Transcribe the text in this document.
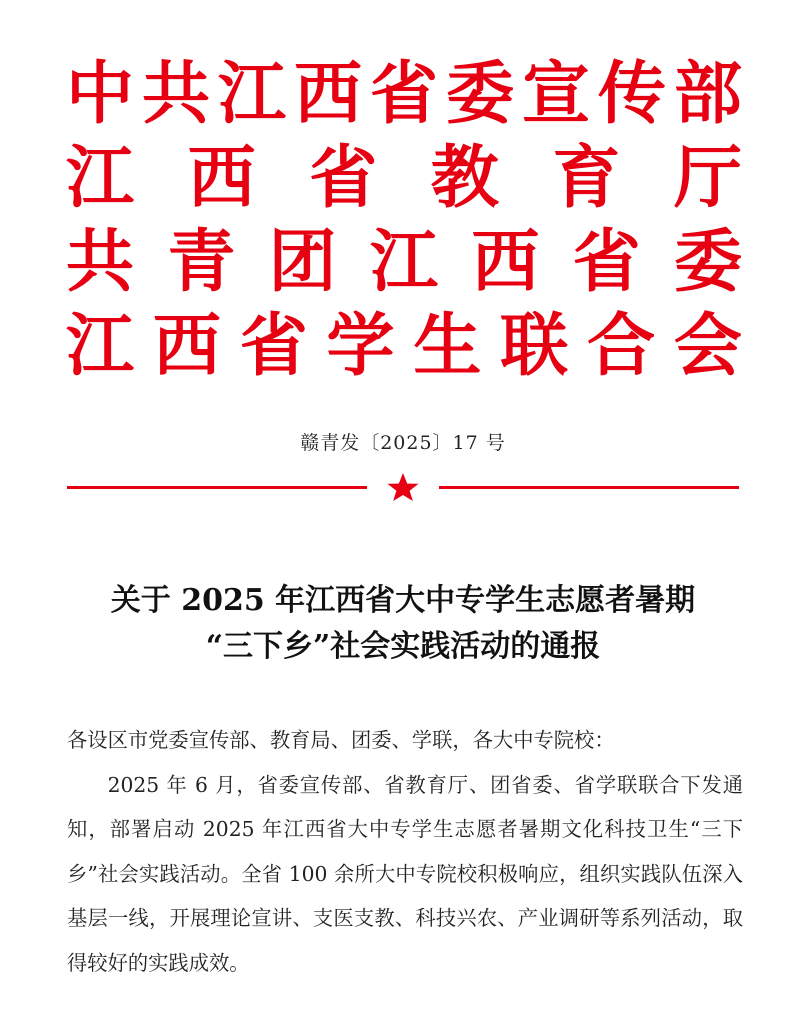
中 共 江 西 省 委 宣 传 部
江 西 省 教 育 厅
共 青 团 江 西 省 委
江 西 省 学 生 联 合 会
赣青发〔2025〕17 号
关于 2025 年江西省大中专学生志愿者暑期
“三下乡”社会实践活动的通报

各设区市党委宣传部、教育局、团委、学联，各大中专院校：

2025 年 6 月，省委宣传部、省教育厅、团省委、省学联联合下发通知，部署启动 2025 年江西省大中专学生志愿者暑期文化科技卫生“三下乡”社会实践活动。全省 100 余所大中专院校积极响应，组织实践队伍深入基层一线，开展理论宣讲、支医支教、科技兴农、产业调研等系列活动，取得较好的实践成效。
